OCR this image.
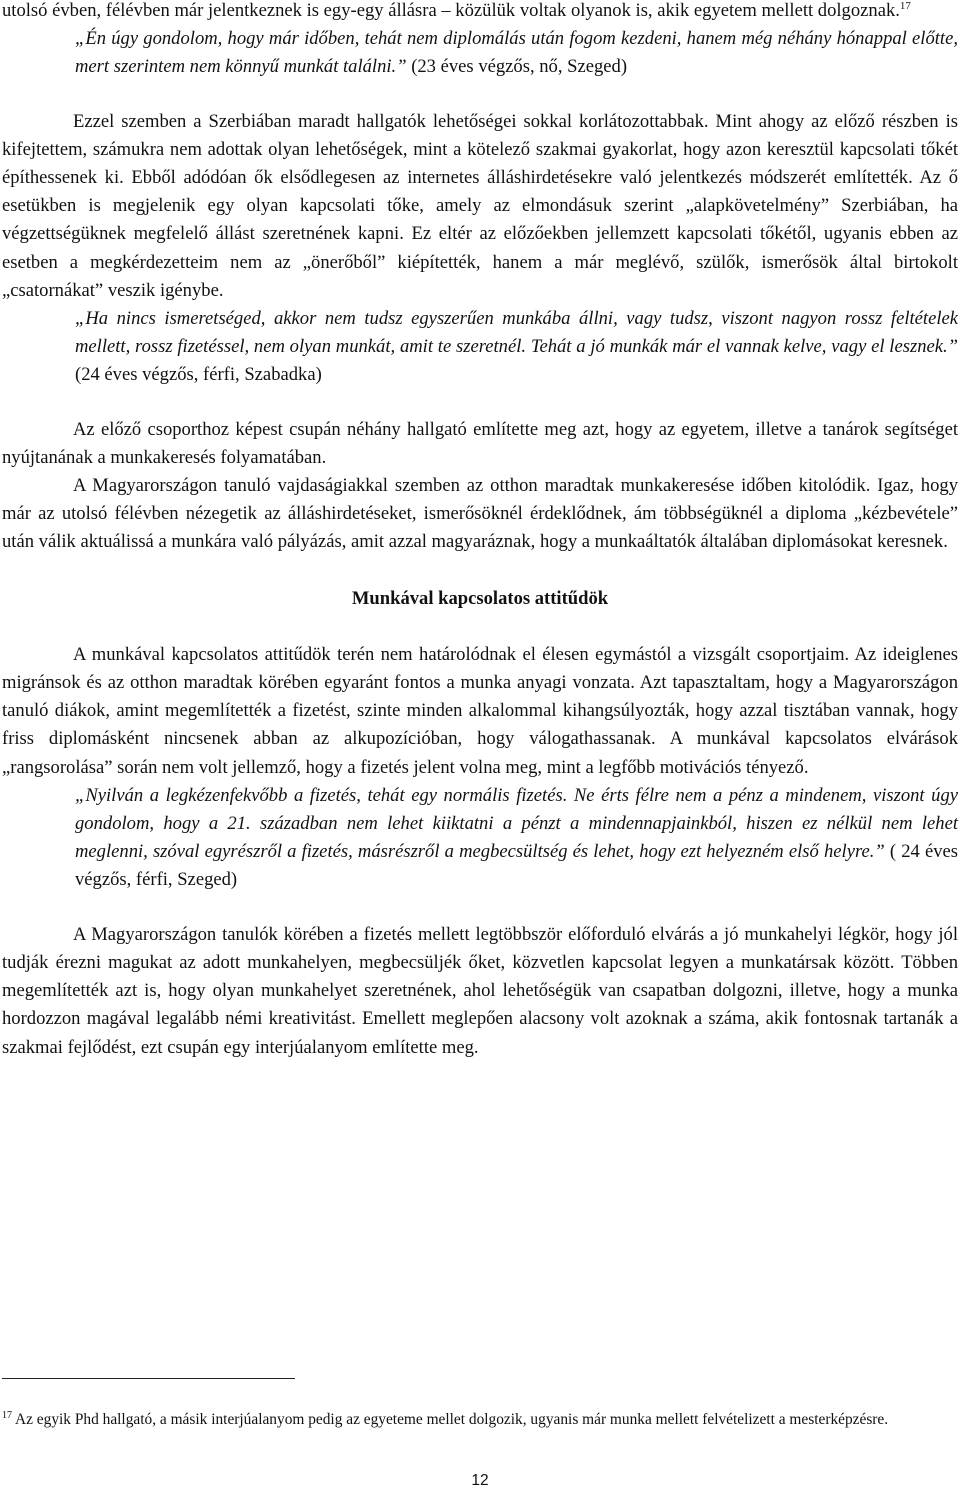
utolsó évben, félévben már jelentkeznek is egy-egy állásra – közülük voltak olyanok is, akik egyetem mellett dolgoznak.$^{17}$

„Én úgy gondolom, hogy már időben, tehát nem diplomálás után fogom kezdeni, hanem még néhány hónappal előtte, mert szerintem nem könnyű munkát találni.” (23 éves végzős, nő, Szeged)

Ezzel szemben a Szerbiában maradt hallgatók lehetőségei sokkal korlátozottabbak. Mint ahogy az előző részben is kifejtettem, számukra nem adottak olyan lehetőségek, mint a kötelező szakmai gyakorlat, hogy azon keresztül kapcsolati tőkét építhessenek ki. Ebből adódóan ők elsődlegesen az internetes álláshirdetésekre való jelentkezés módszerét említették. Az ő esetükben is megjelenik egy olyan kapcsolati tőke, amely az elmondásuk szerint „alapkövetelmény” Szerbiában, ha végzettségüknek megfelelő állást szeretnének kapni. Ez eltér az előzőekben jellemzett kapcsolati tőkétől, ugyanis ebben az esetben a megkérdezetteim nem az „önerőből” kiépítették, hanem a már meglévő, szülők, ismerősök által birtokolt „csatornákat” veszik igénybe.

„Ha nincs ismeretséged, akkor nem tudsz egyszerűen munkába állni, vagy tudsz, viszont nagyon rossz feltételek mellett, rossz fizetéssel, nem olyan munkát, amit te szeretnél. Tehát a jó munkák már el vannak kelve, vagy el lesznek.” (24 éves végzős, férfi, Szabadka)

Az előző csoporthoz képest csupán néhány hallgató említette meg azt, hogy az egyetem, illetve a tanárok segítséget nyújtanának a munkakeresés folyamatában.

A Magyarországon tanuló vajdaságiakkal szemben az otthon maradtak munkakeresése időben kitolódik. Igaz, hogy már az utolsó félévben nézegetik az álláshirdetéseket, ismerősöknél érdeklődnek, ám többségüknél a diploma „kézbevétele” után válik aktuálissá a munkára való pályázás, amit azzal magyaráznak, hogy a munkaáltatók általában diplomásokat keresnek.

Munkával kapcsolatos attitűdök

A munkával kapcsolatos attitűdök terén nem határolódnak el élesen egymástól a vizsgált csoportjaim. Az ideiglenes migránsok és az otthon maradtak körében egyaránt fontos a munka anyagi vonzata. Azt tapasztaltam, hogy a Magyarországon tanuló diákok, amint megemlítették a fizetést, szinte minden alkalommal kihangsúlyozták, hogy azzal tisztában vannak, hogy friss diplomásként nincsenek abban az alkupozícióban, hogy válogathassanak. A munkával kapcsolatos elvárások „rangsorolása” során nem volt jellemző, hogy a fizetés jelent volna meg, mint a legfőbb motivációs tényező.

„Nyilván a legkézenfekvőbb a fizetés, tehát egy normális fizetés. Ne érts félre nem a pénz a mindenem, viszont úgy gondolom, hogy a 21. században nem lehet kiiktatni a pénzt a mindennapjainkból, hiszen ez nélkül nem lehet meglenni, szóval egyrészről a fizetés, másrészről a megbecsültség és lehet, hogy ezt helyezném első helyre.” ( 24 éves végzős, férfi, Szeged)

A Magyarországon tanulók körében a fizetés mellett legtöbbször előforduló elvárás a jó munkahelyi légkör, hogy jól tudják érezni magukat az adott munkahelyen, megbecsüljék őket, közvetlen kapcsolat legyen a munkatársak között. Többen megemlítették azt is, hogy olyan munkahelyet szeretnének, ahol lehetőségük van csapatban dolgozni, illetve, hogy a munka hordozzon magával legalább némi kreativitást. Emellett meglepően alacsony volt azoknak a száma, akik fontosnak tartanák a szakmai fejlődést, ezt csupán egy interjúalanyom említette meg.

$^{17}$ Az egyik Phd hallgató, a másik interjúalanyom pedig az egyeteme mellet dolgozik, ugyanis már munka mellett felvételizett a mesterképzésre.

12
